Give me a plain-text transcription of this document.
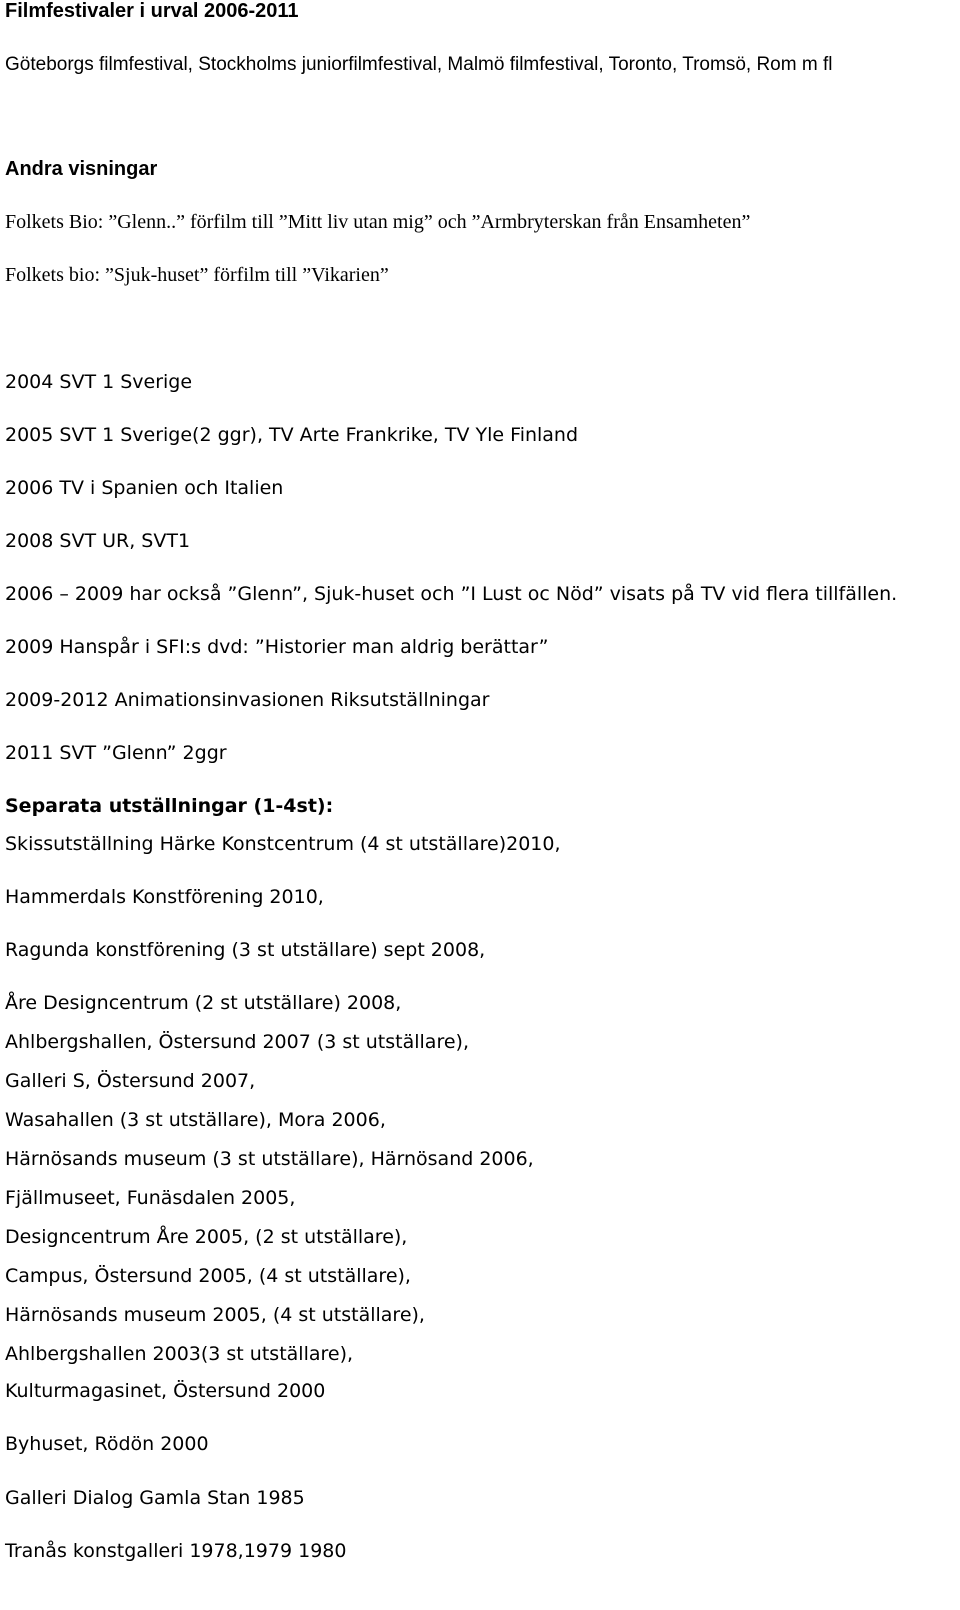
Filmfestivaler i urval 2006-2011

Göteborgs filmfestival, Stockholms juniorfilmfestival, Malmö filmfestival, Toronto, Tromsö, Rom m fl

Andra visningar

Folkets Bio: ”Glenn..” förfilm till ”Mitt liv utan mig” och ”Armbryterskan från Ensamheten”

Folkets bio: ”Sjuk-huset” förfilm till ”Vikarien”

2004 SVT 1 Sverige

2005 SVT 1 Sverige(2 ggr), TV Arte Frankrike, TV Yle Finland

2006 TV i Spanien och Italien

2008 SVT UR, SVT1

2006 – 2009 har också ”Glenn”, Sjuk-huset och ”I Lust oc Nöd” visats på TV vid flera tillfällen.

2009 Hanspår i SFI:s dvd: ”Historier man aldrig berättar”

2009-2012 Animationsinvasionen Riksutställningar

2011 SVT ”Glenn” 2ggr

Separata utställningar (1-4st):

Skissutställning Härke Konstcentrum (4 st utställare)2010,

Hammerdals Konstförening 2010,

Ragunda konstförening (3 st utställare) sept 2008,

Åre Designcentrum (2 st utställare) 2008,

Ahlbergshallen, Östersund 2007 (3 st utställare),

Galleri S, Östersund 2007,

Wasahallen (3 st utställare), Mora 2006,

Härnösands museum (3 st utställare), Härnösand 2006,

Fjällmuseet, Funäsdalen 2005,

Designcentrum Åre 2005, (2 st utställare),

Campus, Östersund 2005, (4 st utställare),

Härnösands museum 2005, (4 st utställare),

Ahlbergshallen 2003(3 st utställare),

Kulturmagasinet, Östersund 2000

Byhuset, Rödön 2000

Galleri Dialog Gamla Stan 1985

Tranås konstgalleri 1978,1979 1980
